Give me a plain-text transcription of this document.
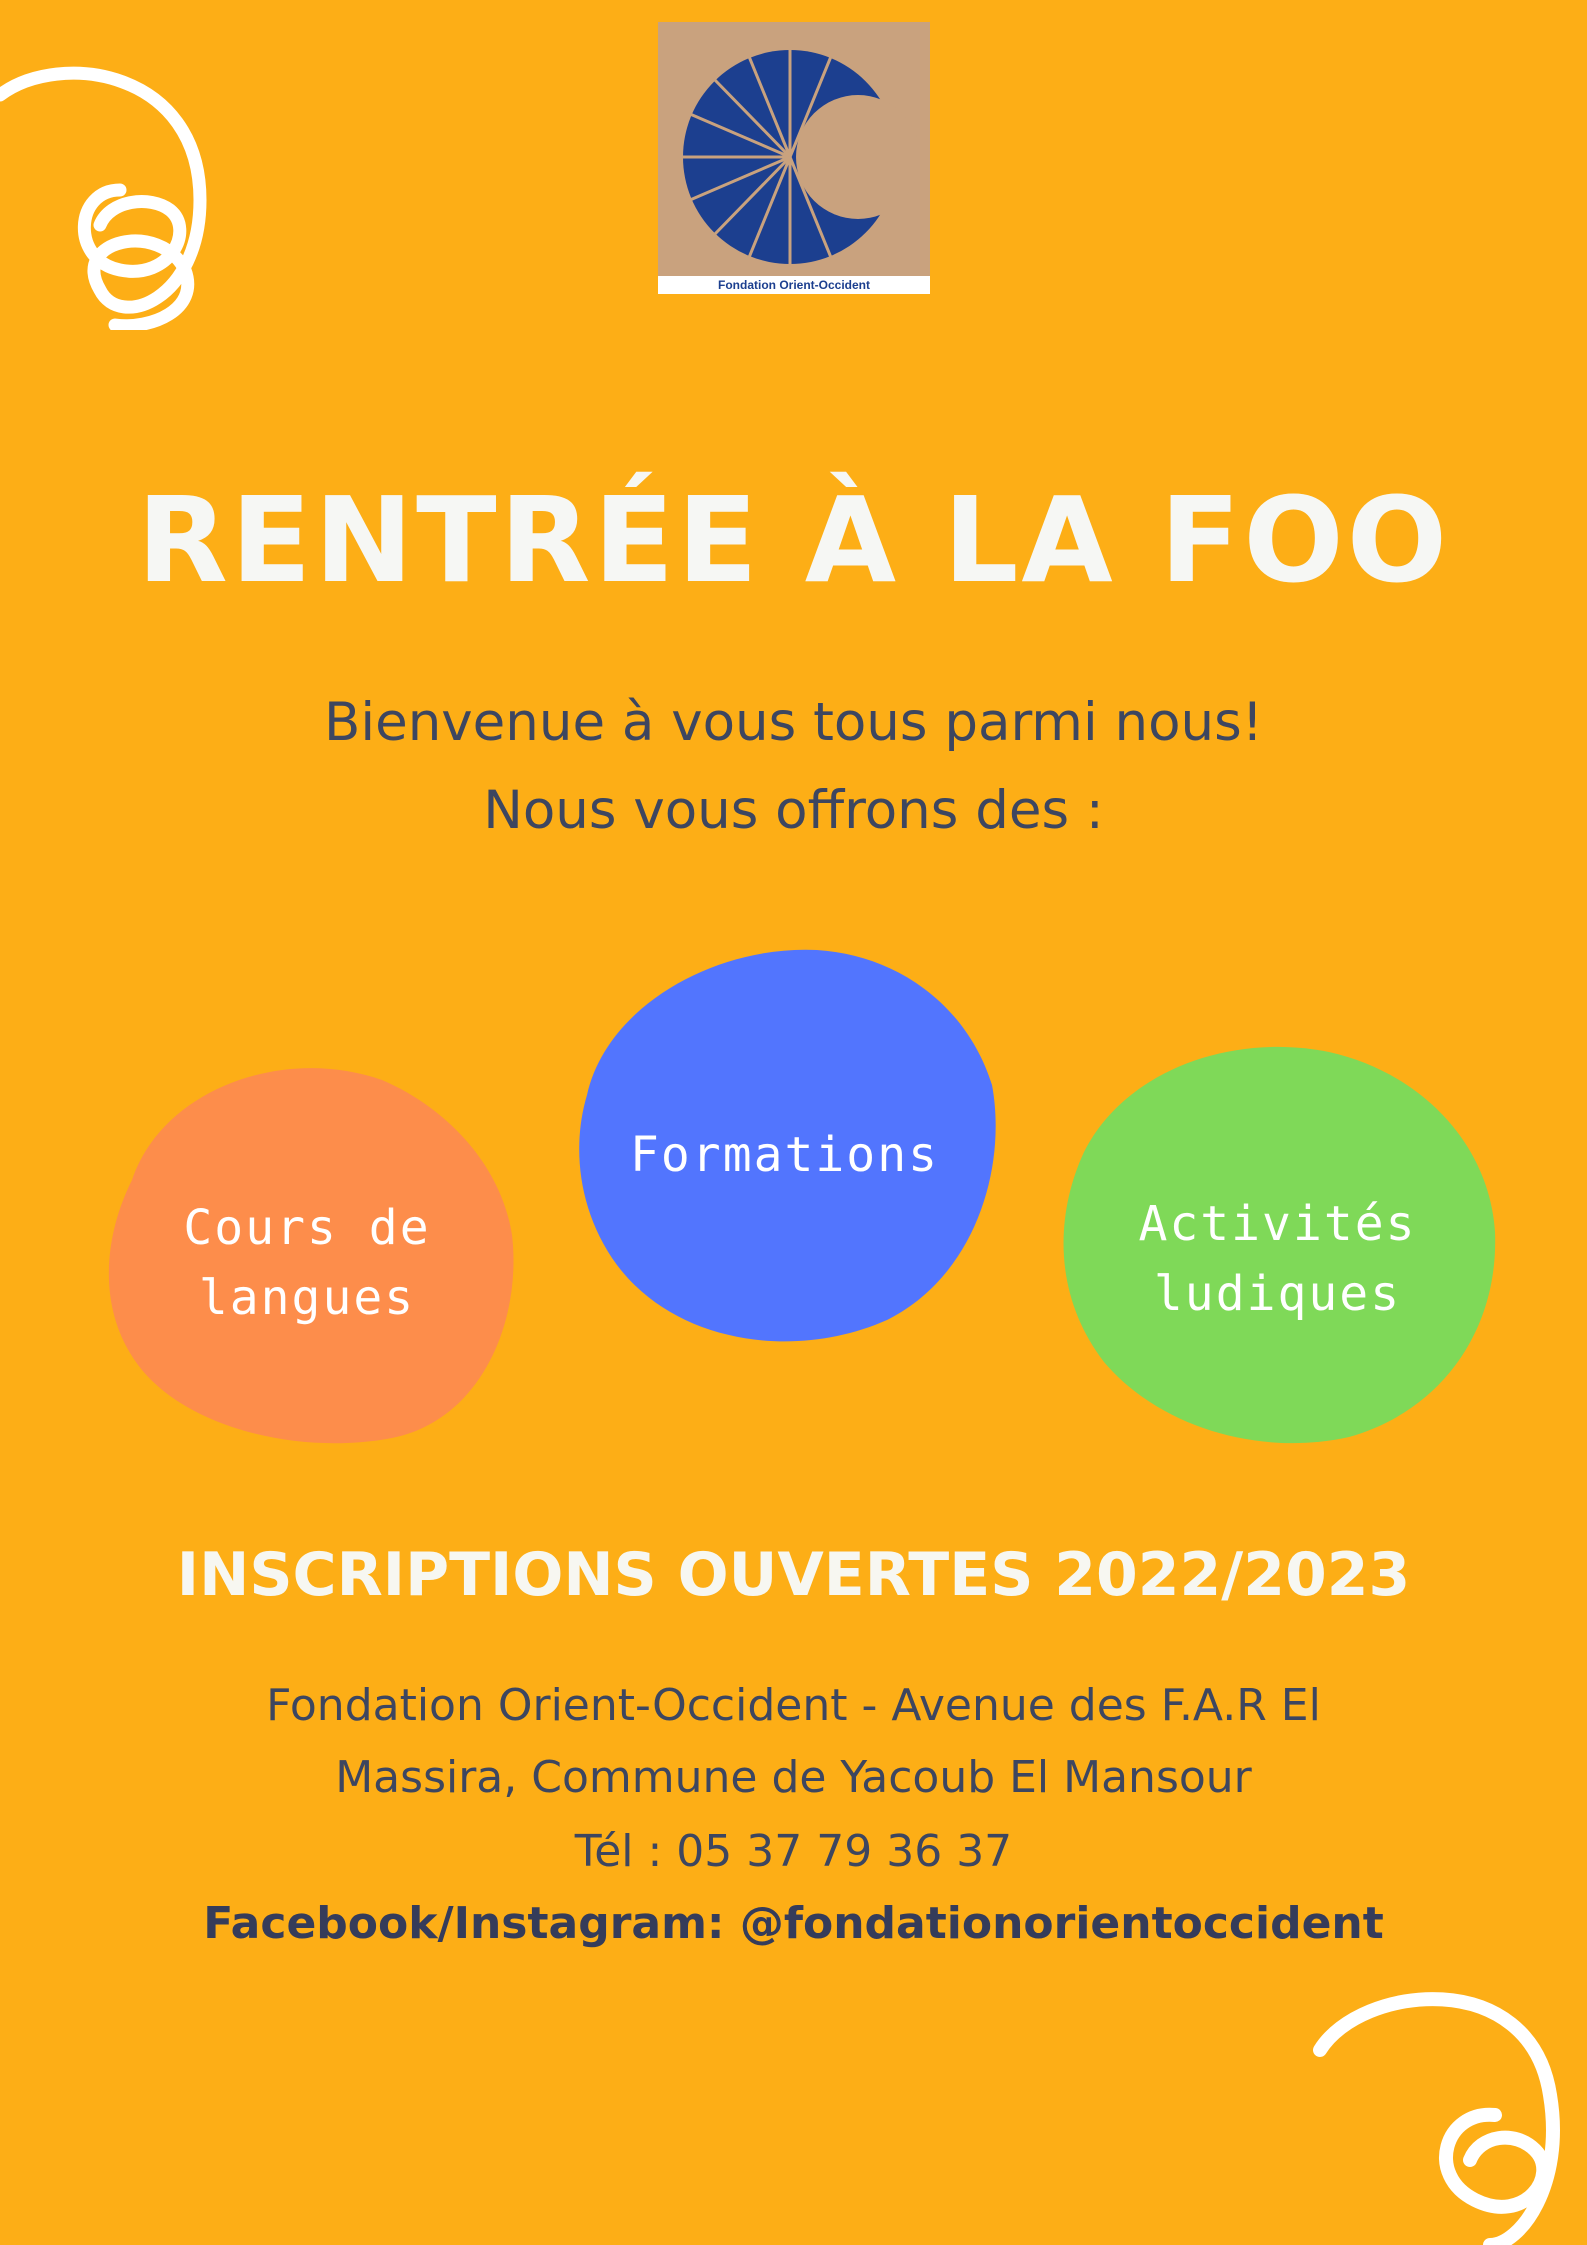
Fondation Orient-Occident
RENTRÉE À LA FOO
Bienvenue à vous tous parmi nous!
Nous vous offrons des :
Cours de
langues
Formations
Activités
ludiques
INSCRIPTIONS OUVERTES 2022/2023
Fondation Orient-Occident - Avenue des F.A.R El
Massira, Commune de Yacoub El Mansour
Tél : 05 37 79 36 37
Facebook/Instagram: @fondationorientoccident
